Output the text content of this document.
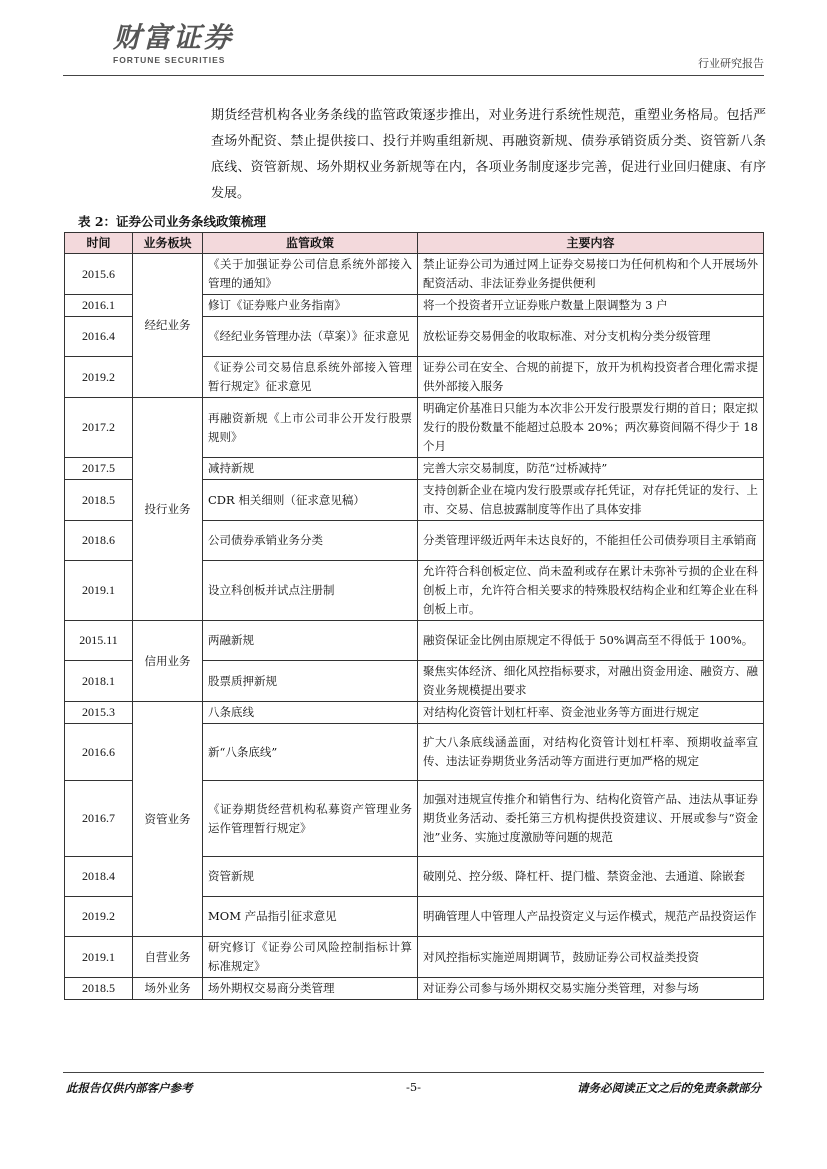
财富证券
FORTUNE SECURITIES	行业研究报告

期货经营机构各业务条线的监管政策逐步推出，对业务进行系统性规范，重塑业务格局。包括严查场外配资、禁止提供接口、投行并购重组新规、再融资新规、债券承销资质分类、资管新八条底线、资管新规、场外期权业务新规等在内，各项业务制度逐步完善，促进行业回归健康、有序发展。

表 2：证券公司业务条线政策梳理
时间	业务板块	监管政策	主要内容
2015.6	经纪业务	《关于加强证券公司信息系统外部接入管理的通知》	禁止证券公司为通过网上证券交易接口为任何机构和个人开展场外配资活动、非法证券业务提供便利
2016.1		修订《证券账户业务指南》	将一个投资者开立证券账户数量上限调整为 3 户
2016.4		《经纪业务管理办法（草案）》征求意见	放松证券交易佣金的收取标准、对分支机构分类分级管理
2019.2		《证券公司交易信息系统外部接入管理暂行规定》征求意见	证券公司在安全、合规的前提下，放开为机构投资者合理化需求提供外部接入服务
2017.2	投行业务	再融资新规《上市公司非公开发行股票规则》	明确定价基准日只能为本次非公开发行股票发行期的首日；限定拟发行的股份数量不能超过总股本 20%；两次募资间隔不得少于 18 个月
2017.5		减持新规	完善大宗交易制度，防范“过桥减持”
2018.5		CDR 相关细则（征求意见稿）	支持创新企业在境内发行股票或存托凭证，对存托凭证的发行、上市、交易、信息披露制度等作出了具体安排
2018.6		公司债券承销业务分类	分类管理评级近两年未达良好的，不能担任公司债券项目主承销商
2019.1		设立科创板并试点注册制	允许符合科创板定位、尚未盈利或存在累计未弥补亏损的企业在科创板上市，允许符合相关要求的特殊股权结构企业和红筹企业在科创板上市。
2015.11	信用业务	两融新规	融资保证金比例由原规定不得低于 50%调高至不得低于 100%。
2018.1		股票质押新规	聚焦实体经济、细化风控指标要求，对融出资金用途、融资方、融资业务规模提出要求
2015.3	资管业务	八条底线	对结构化资管计划杠杆率、资金池业务等方面进行规定
2016.6		新“八条底线”	扩大八条底线涵盖面，对结构化资管计划杠杆率、预期收益率宣传、违法证券期货业务活动等方面进行更加严格的规定
2016.7		《证券期货经营机构私募资产管理业务运作管理暂行规定》	加强对违规宣传推介和销售行为、结构化资管产品、违法从事证券期货业务活动、委托第三方机构提供投资建议、开展或参与“资金池”业务、实施过度激励等问题的规范
2018.4		资管新规	破刚兑、控分级、降杠杆、提门槛、禁资金池、去通道、除嵌套
2019.2		MOM 产品指引征求意见	明确管理人中管理人产品投资定义与运作模式，规范产品投资运作
2019.1	自营业务	研究修订《证券公司风险控制指标计算标准规定》	对风控指标实施逆周期调节，鼓励证券公司权益类投资
2018.5	场外业务	场外期权交易商分类管理	对证券公司参与场外期权交易实施分类管理，对参与场
此报告仅供内部客户参考	-5-	请务必阅读正文之后的免责条款部分
